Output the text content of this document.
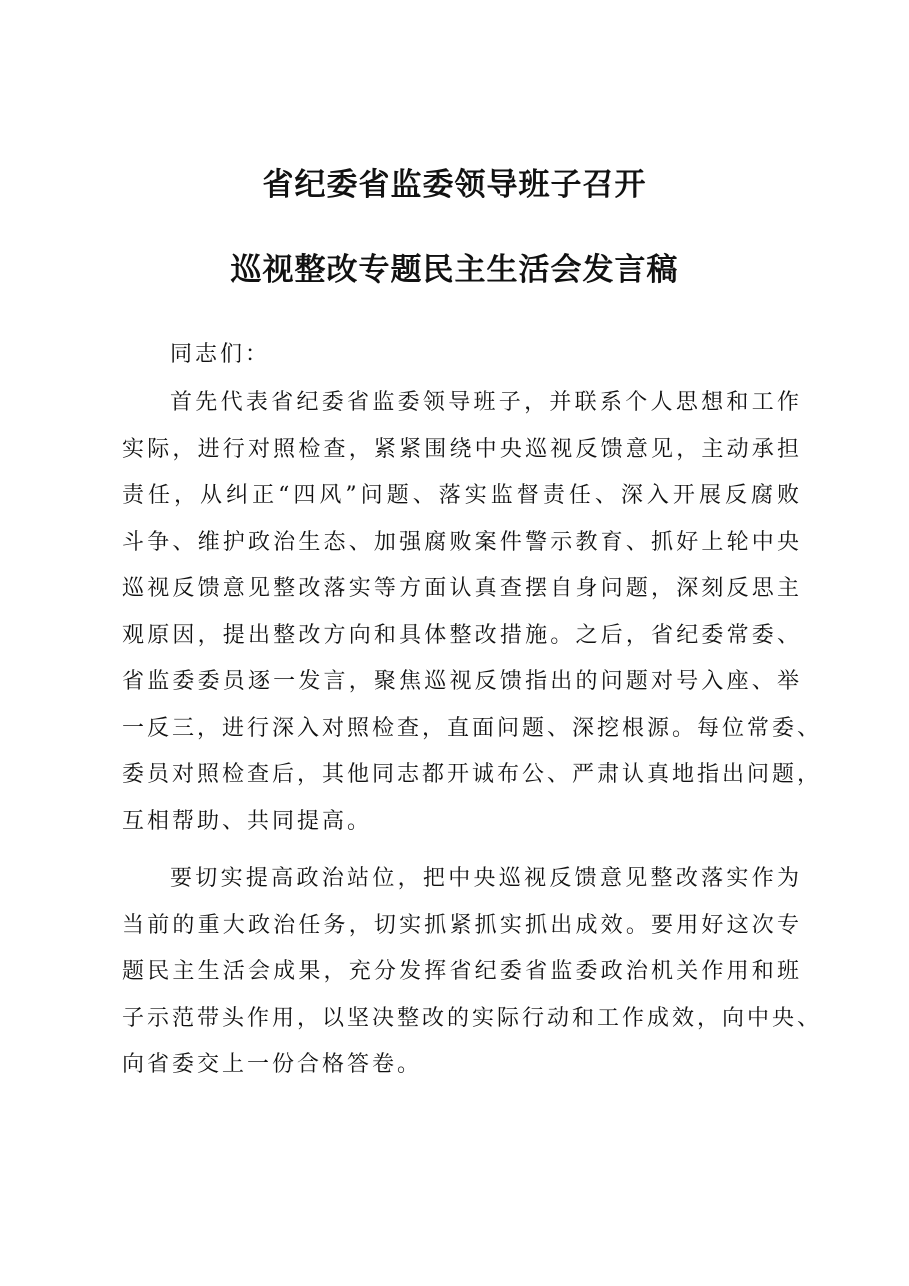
省纪委省监委领导班子召开
巡视整改专题民主生活会发言稿
同志们：
首先代表省纪委省监委领导班子，并联系个人思想和工作
实际，进行对照检查，紧紧围绕中央巡视反馈意见，主动承担
责任，从纠正“四风”问题、落实监督责任、深入开展反腐败
斗争、维护政治生态、加强腐败案件警示教育、抓好上轮中央
巡视反馈意见整改落实等方面认真查摆自身问题，深刻反思主
观原因，提出整改方向和具体整改措施。之后，省纪委常委、
省监委委员逐一发言，聚焦巡视反馈指出的问题对号入座、举
一反三，进行深入对照检查，直面问题、深挖根源。每位常委、
委员对照检查后，其他同志都开诚布公、严肃认真地指出问题，
互相帮助、共同提高。
要切实提高政治站位，把中央巡视反馈意见整改落实作为
当前的重大政治任务，切实抓紧抓实抓出成效。要用好这次专
题民主生活会成果，充分发挥省纪委省监委政治机关作用和班
子示范带头作用，以坚决整改的实际行动和工作成效，向中央、
向省委交上一份合格答卷。
